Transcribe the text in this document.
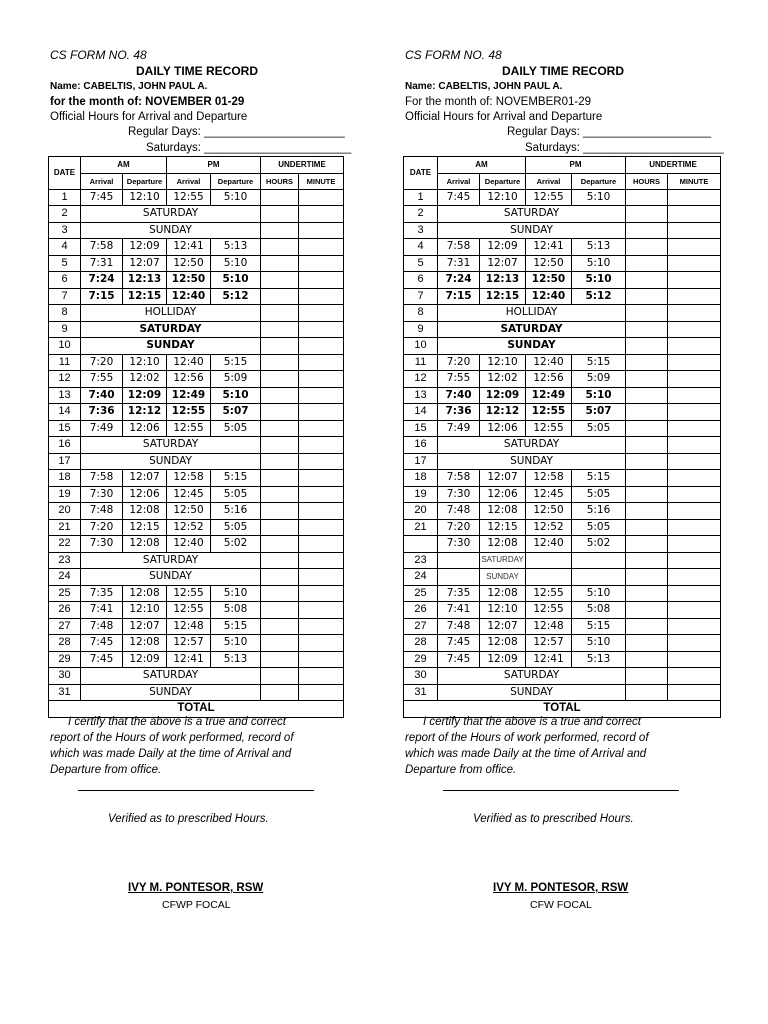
CS FORM NO. 48
DAILY TIME RECORD
Name: CABELTIS, JOHN PAUL A.
for the month of: NOVEMBER 01-29
Official Hours for Arrival and Departure
Regular Days: ______________________
Saturdays: _______________________
DATE	AM		PM		UNDERTIME	
	Arrival	Departure	Arrival	Departure	HOURS	MINUTE
1	7:45	12:10	12:55	5:10		
2	SATURDAY					
3	SUNDAY					
4	7:58	12:09	12:41	5:13		
5	7:31	12:07	12:50	5:10		
6	7:24	12:13	12:50	5:10		
7	7:15	12:15	12:40	5:12		
8	HOLLIDAY					
9	SATURDAY					
10	SUNDAY					
11	7:20	12:10	12:40	5:15		
12	7:55	12:02	12:56	5:09		
13	7:40	12:09	12:49	5:10		
14	7:36	12:12	12:55	5:07		
15	7:49	12:06	12:55	5:05		
16	SATURDAY					
17	SUNDAY					
18	7:58	12:07	12:58	5:15		
19	7:30	12:06	12:45	5:05		
20	7:48	12:08	12:50	5:16		
21	7:20	12:15	12:52	5:05		
22	7:30	12:08	12:40	5:02		
23	SATURDAY					
24	SUNDAY					
25	7:35	12:08	12:55	5:10		
26	7:41	12:10	12:55	5:08		
27	7:48	12:07	12:48	5:15		
28	7:45	12:08	12:57	5:10		
29	7:45	12:09	12:41	5:13		
30	SATURDAY					
31	SUNDAY					
TOTAL						
I certify that the above is a true and correct report of the Hours of work performed, record of which was made Daily at the time of Arrival and Departure from office.
Verified as to prescribed Hours.
IVY M. PONTESOR, RSW
CFWP FOCAL
CS FORM NO. 48
DAILY TIME RECORD
Name: CABELTIS, JOHN PAUL A.
For the month of: NOVEMBER01-29
Official Hours for Arrival and Departure
Regular Days: ____________________
Saturdays: ______________________
DATE	AM		PM		UNDERTIME	
	Arrival	Departure	Arrival	Departure	HOURS	MINUTE
1	7:45	12:10	12:55	5:10		
2	SATURDAY					
3	SUNDAY					
4	7:58	12:09	12:41	5:13		
5	7:31	12:07	12:50	5:10		
6	7:24	12:13	12:50	5:10		
7	7:15	12:15	12:40	5:12		
8	HOLLIDAY					
9	SATURDAY					
10	SUNDAY					
11	7:20	12:10	12:40	5:15		
12	7:55	12:02	12:56	5:09		
13	7:40	12:09	12:49	5:10		
14	7:36	12:12	12:55	5:07		
15	7:49	12:06	12:55	5:05		
16	SATURDAY					
17	SUNDAY					
18	7:58	12:07	12:58	5:15		
19	7:30	12:06	12:45	5:05		
20	7:48	12:08	12:50	5:16		
21	7:20	12:15	12:52	5:05		
	7:30	12:08	12:40	5:02		
23		SATURDAY				
24		SUNDAY				
25	7:35	12:08	12:55	5:10		
26	7:41	12:10	12:55	5:08		
27	7:48	12:07	12:48	5:15		
28	7:45	12:08	12:57	5:10		
29	7:45	12:09	12:41	5:13		
30	SATURDAY					
31	SUNDAY					
TOTAL						
I certify that the above is a true and correct report of the Hours of work performed, record of which was made Daily at the time of Arrival and Departure from office.
Verified as to prescribed Hours.
IVY M. PONTESOR, RSW
CFW FOCAL
